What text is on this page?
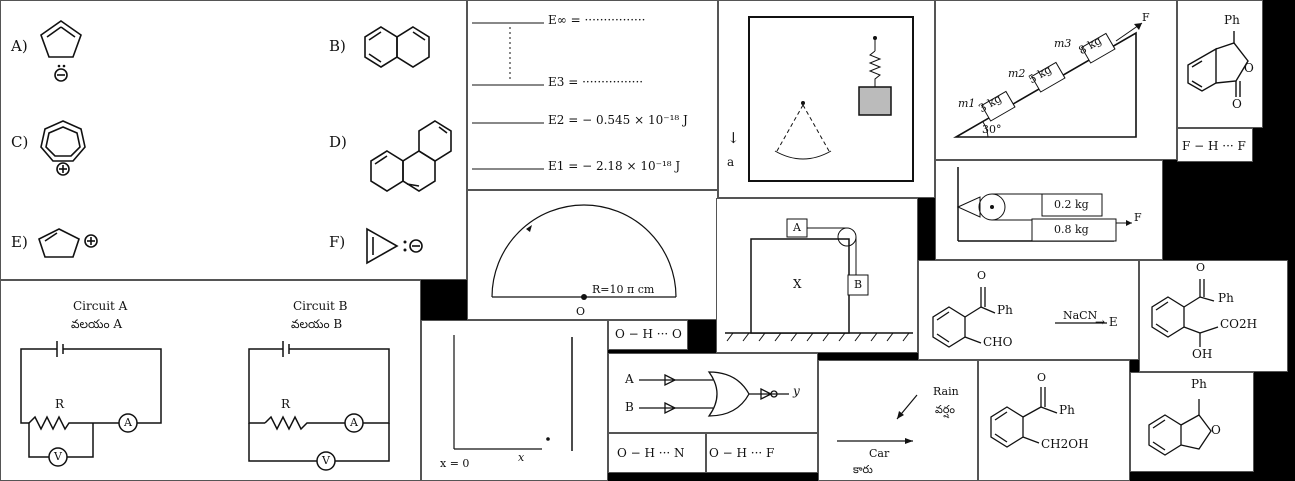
A)
C)
E)
B)
D)
F)
E∞ = ················
E3 = ················
E2 = − 0.545 × 10⁻¹⁸ J
E1 = − 2.18 × 10⁻¹⁸ J
↓
a
3 kg
5 kg
8 kg
m1
m2
m3
F
30°
Ph
O
O
F − H ··· F
0.2 kg
0.8 kg
F
R=10 π cm
O
A
B
X
Circuit A
వలయం A
Circuit B
వలయం B
R	R
A	A
V	V	x = 0	x
O − H ··· O
A
B
y
O − H ··· N O − H ··· F
O
Ph
CHO
NaCN
→ E
O
Ph
CO2H
OH
Rain
వర్షం
Car
కారు
O
Ph
CH2OH
Ph
O
